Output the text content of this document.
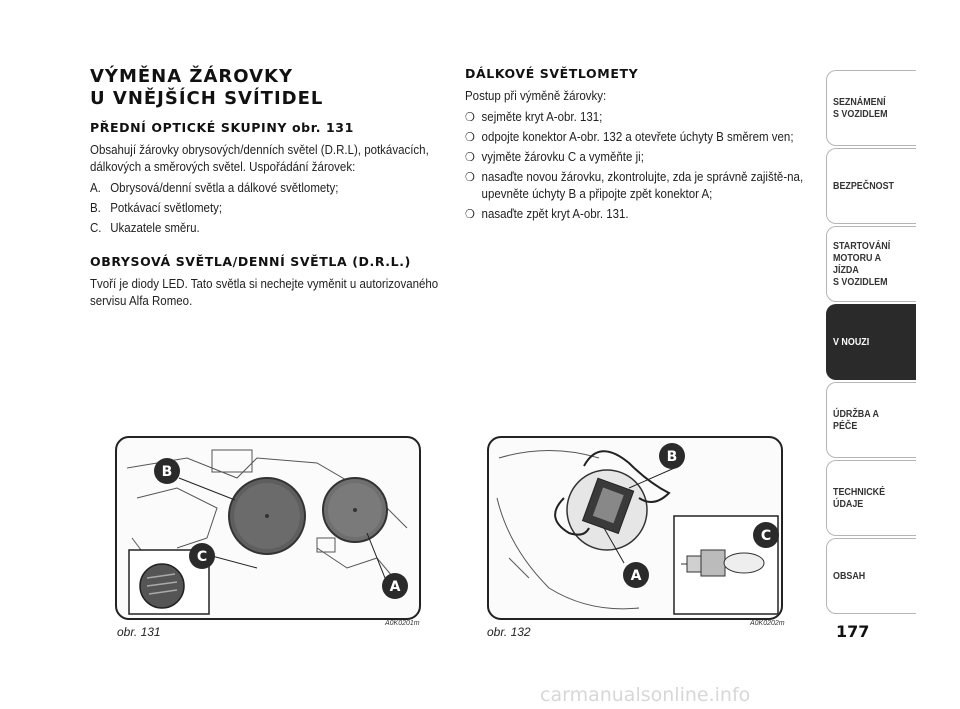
VÝMĚNA ŽÁROVKY
U VNĚJŠÍCH SVÍTIDEL
PŘEDNÍ OPTICKÉ SKUPINY obr. 131

Obsahují žárovky obrysových/denních světel (D.R.L), potkávacích, dálkových a směrových světel. Uspořádání žárovek:

A. Obrysová/denní světla a dálkové světlomety;
B. Potkávací světlomety;
C. Ukazatele směru.
OBRYSOVÁ SVĚTLA/DENNÍ SVĚTLA (D.R.L.)

Tvoří je diody LED. Tato světla si nechejte vyměnit u autorizovaného servisu Alfa Romeo.

DÁLKOVÉ SVĚTLOMETY

Postup při výměně žárovky:

❍ sejměte kryt A-obr. 131;
❍ odpojte konektor A-obr. 132 a otevřete úchyty B směrem ven;
❍ vyjměte žárovku C a vyměňte ji;
❍ nasaďte novou žárovku, zkontrolujte, zda je správně zajiště-na, upevněte úchyty B a připojte zpět konektor A;
❍ nasaďte zpět kryt A-obr. 131.
B
C
A
obr. 131
A0K0201m
B
C
A
obr. 132
A0K0202m
SEZNÁMENÍ
S VOZIDLEM
BEZPEČNOST
STARTOVÁNÍ
MOTORU A JÍZDA
S VOZIDLEM
V NOUZI
ÚDRŽBA A PÉČE
TECHNICKÉ
ÚDAJE
OBSAH
177
carmanualsonline.info
